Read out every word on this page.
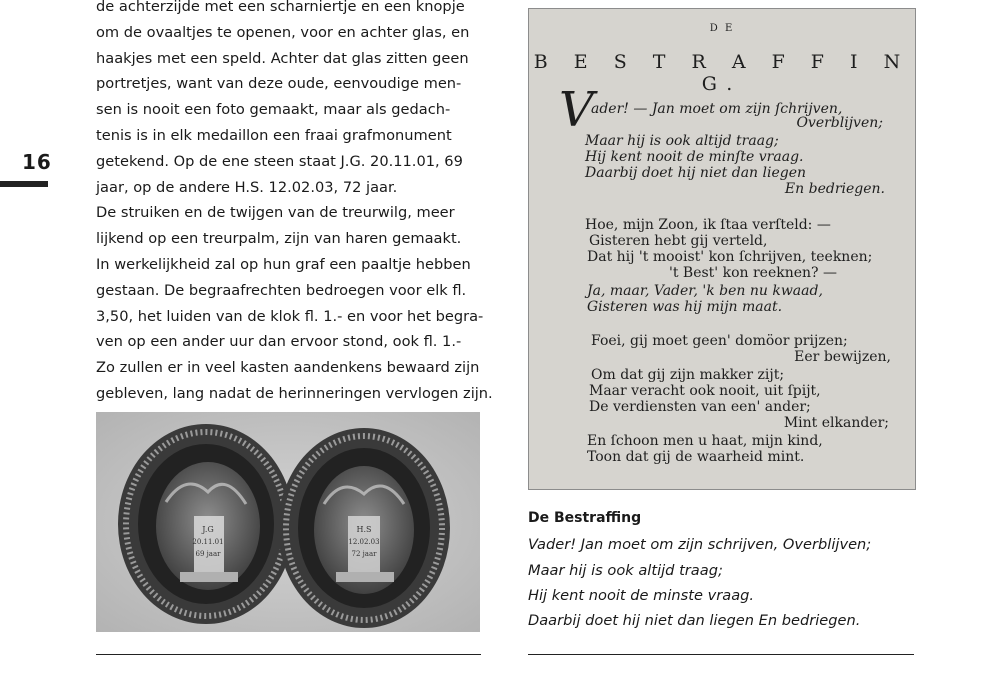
16
de achterzijde met een scharniertje en een knopje
om de ovaaltjes te openen, voor en achter glas, en
haakjes met een speld. Achter dat glas zitten geen
portretjes, want van deze oude, eenvoudige men-
sen is nooit een foto gemaakt, maar als gedach-
tenis is in elk medaillon een fraai grafmonument
getekend. Op de ene steen staat J.G. 20.11.01, 69
jaar, op de andere H.S. 12.02.03, 72 jaar.
De struiken en de twijgen van de treurwilg, meer
lijkend op een treurpalm, zijn van haren gemaakt.
In werkelijkheid zal op hun graf een paaltje hebben
gestaan. De begraafrechten bedroegen voor elk fl.
3,50, het luiden van de klok fl. 1.- en voor het begra-
ven op een ander uur dan ervoor stond, ook fl. 1.-
Zo zullen er in veel kasten aandenkens bewaard zijn
gebleven, lang nadat de herinneringen vervlogen zijn.
J.G
20.11.01
69 jaar
H.S
12.02.03
72 jaar
D E
B E S T R A F F I N G.
V
ader! — Jan moet om zijn ſchrijven,
Overblijven;
Maar hij is ook altijd traag;
Hij kent nooit de minſte vraag.
Daarbij doet hij niet dan liegen
En bedriegen.
Hoe, mijn Zoon, ik ſtaa verſteld: —
Gisteren hebt gij verteld,
Dat hij 't mooist' kon ſchrijven, teeknen;
't Best' kon reeknen? —
Ja, maar, Vader, 'k ben nu kwaad,
Gisteren was hij mijn maat.
Foei, gij moet geen' domöor prijzen;
Eer bewijzen,
Om dat gij zijn makker zijt;
Maar veracht ook nooit, uit ſpijt,
De verdiensten van een' ander;
Mint elkander;
En ſchoon men u haat, mijn kind,
Toon dat gij de waarheid mint.
De Bestraffing
Vader! Jan moet om zijn schrijven, Overblijven;
Maar hij is ook altijd traag;
Hij kent nooit de minste vraag.
Daarbij doet hij niet dan liegen En bedriegen.
